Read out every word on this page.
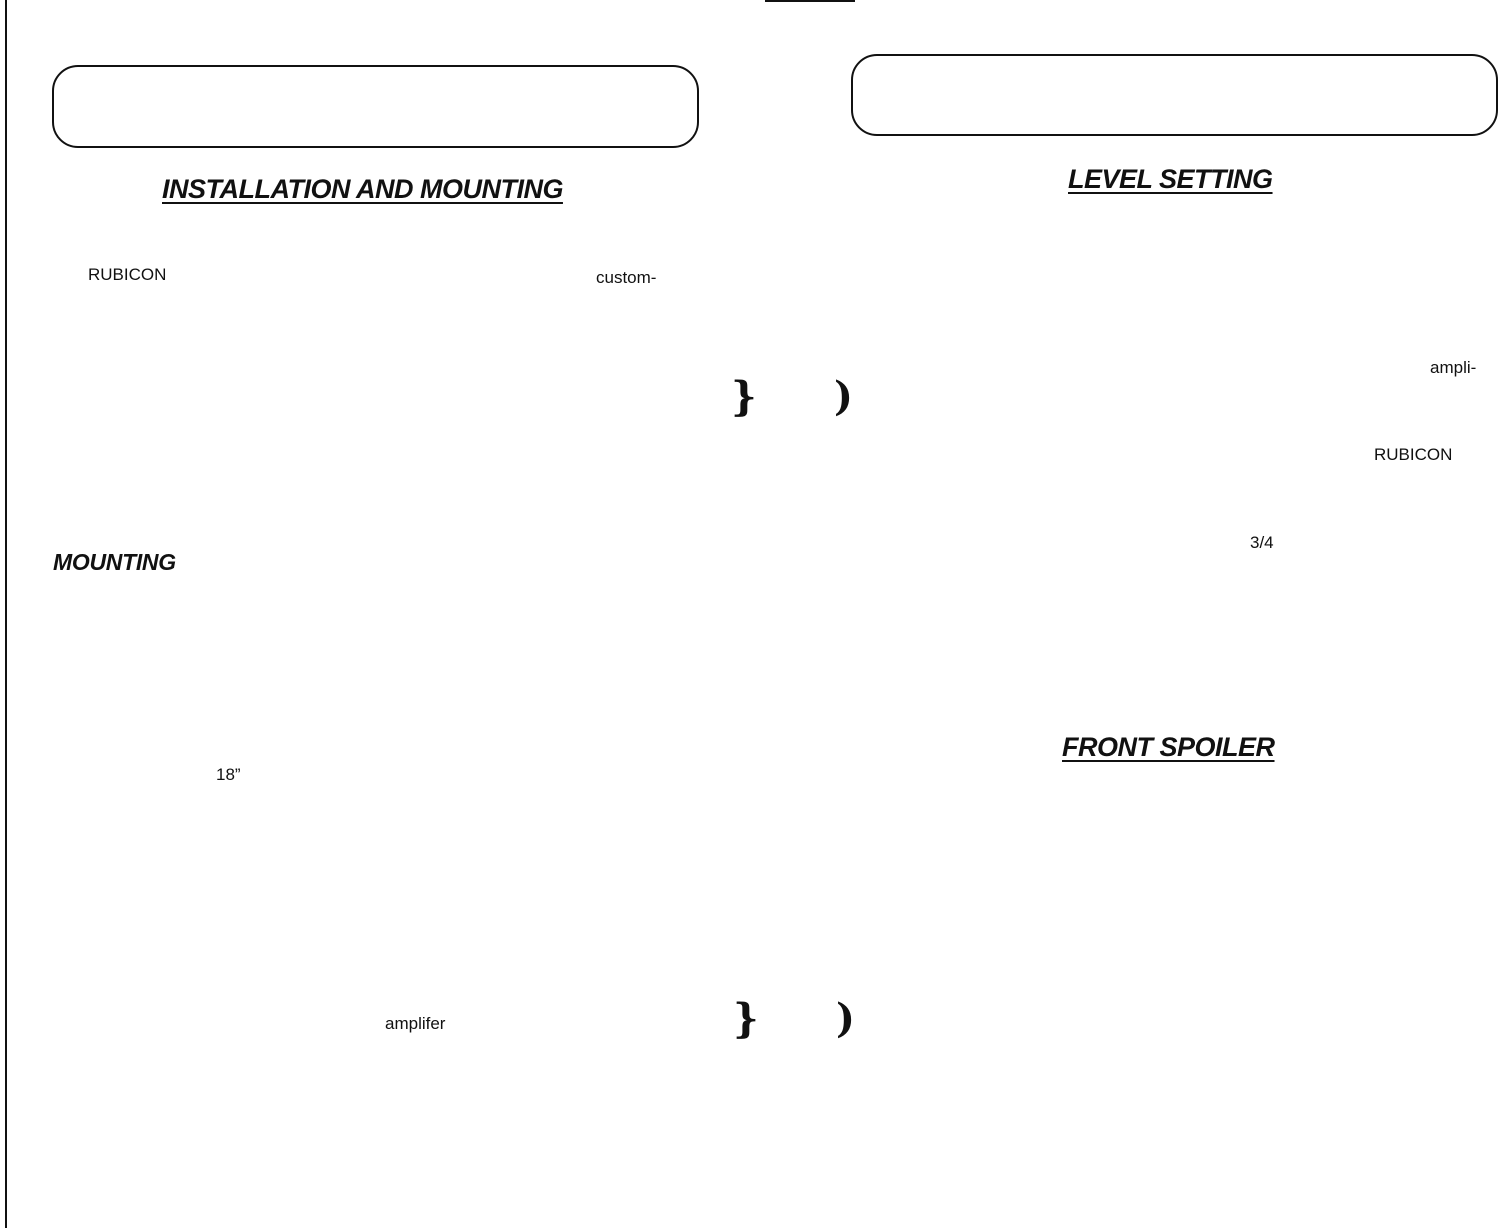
INSTALLATION AND MOUNTING
RUBICON	custom-
MOUNTING
18”
amplifer
} )
} )
LEVEL SETTING
ampli-
RUBICON
3/4
FRONT SPOILER
